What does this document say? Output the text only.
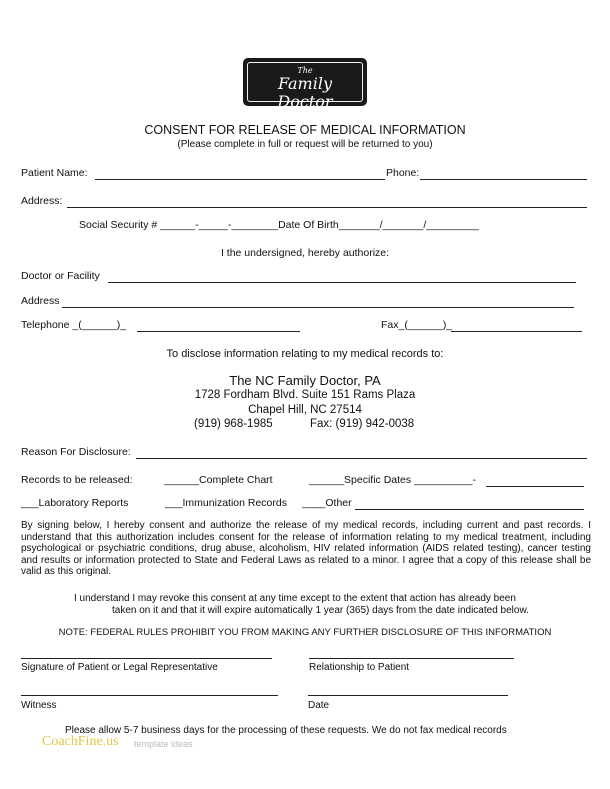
The
Family Doctor
CONSENT FOR RELEASE OF MEDICAL INFORMATION
(Please complete in full or request will be returned to you)
Patient Name:	Phone:
Address:
Social Security # ______-_____-________Date Of Birth_______/_______/_________
I the undersigned, hereby authorize:
Doctor or Facility
Address
Telephone _(______)_	Fax_(______)_
To disclose information relating to my medical records to:
The NC Family Doctor, PA
1728 Fordham Blvd. Suite 151 Rams Plaza
Chapel Hill, NC 27514
(919) 968-1985	Fax: (919) 942-0038
Reason For Disclosure:
Records to be released:	______Complete Chart	______Specific Dates __________-
___Laboratory Reports	___Immunization Records ____Other
By signing below, I hereby consent and authorize the release of my medical records, including current and past records. I understand that this authorization includes consent for the release of information relating to my medical treatment, including psychological or psychiatric conditions, drug abuse, alcoholism, HIV related information (AIDS related testing), cancer testing and results or information protected to State and Federal Laws as related to a minor. I agree that a copy of this release shall be valid as this original.
I understand I may revoke this consent at any time except to the extent that action has already been
taken on it and that it will expire automatically 1 year (365) days from the date indicated below.
NOTE: FEDERAL RULES PROHIBIT YOU FROM MAKING ANY FURTHER DISCLOSURE OF THIS INFORMATION
Signature of Patient or Legal Representative	Relationship to Patient
Witness	Date
Please allow 5-7 business days for the processing of these requests. We do not fax medical records
CoachFine.us template ideas
